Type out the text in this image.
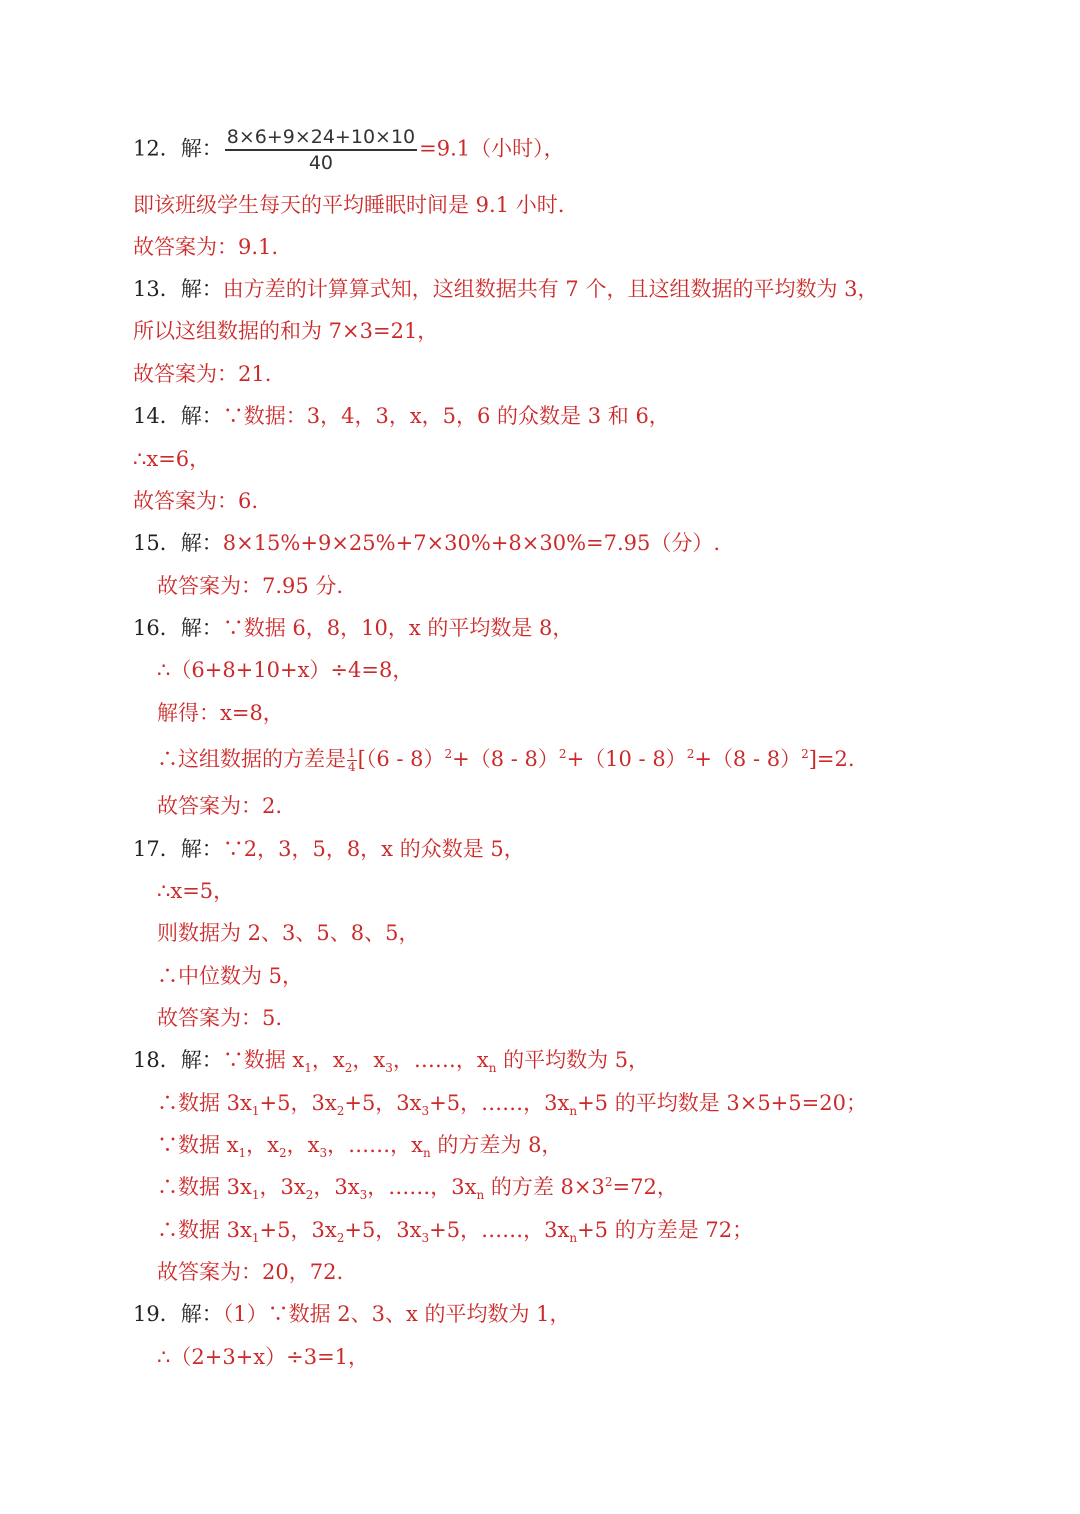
12．解： $\frac{8\times 6+9\times 24+10\times 10}{40} =9.1$（小时），
即该班级学生每天的平均睡眠时间是 9.1 小时.
故答案为：9.1.
13．解：由方差的计算算式知，这组数据共有 7 个，且这组数据的平均数为 3，
所以这组数据的和为 7×3=21，
故答案为：21.
14．解：∵数据：3，4，3，x，5，6 的众数是 3 和 6，
∴x=6，
故答案为：6.
15．解：8×15%+9×25%+7×30%+8×30%=7.95（分）.
故答案为：7.95 分.
16．解：∵数据 6，8，10，x 的平均数是 8，
∴（6+8+10+x）÷4=8，
解得：x=8，
∴这组数据的方差是 $\frac{1}{4} [(6 - 8)^2+(8 - 8)^2+(10 - 8)^2+(8 - 8)^2]=2$.
故答案为：2.
17．解：∵2，3，5，8，x 的众数是 5，
∴x=5，
则数据为 2、3、5、8、5，
∴中位数为 5，
故答案为：5.
18．解：∵数据 $x_1$，$x_2$，$x_3$，……，$x_n$ 的平均数为 5，
∴数据 $3x_1+5$，$3x_2+5$，$3x_3+5$，……，$3x_n+5$ 的平均数是 3×5+5=20；
∵数据 $x_1$，$x_2$，$x_3$，……，$x_n$ 的方差为 8，
∴数据 $3x_1$，$3x_2$，$3x_3$，……，$3x_n$ 的方差 $8\times 3^2=72$，
∴数据 $3x_1+5$，$3x_2+5$，$3x_3+5$，……，$3x_n+5$ 的方差是 72；
故答案为：20，72.
19．解：（1）∵数据 2、3、x 的平均数为 1，
∴（2+3+x）÷3=1，
